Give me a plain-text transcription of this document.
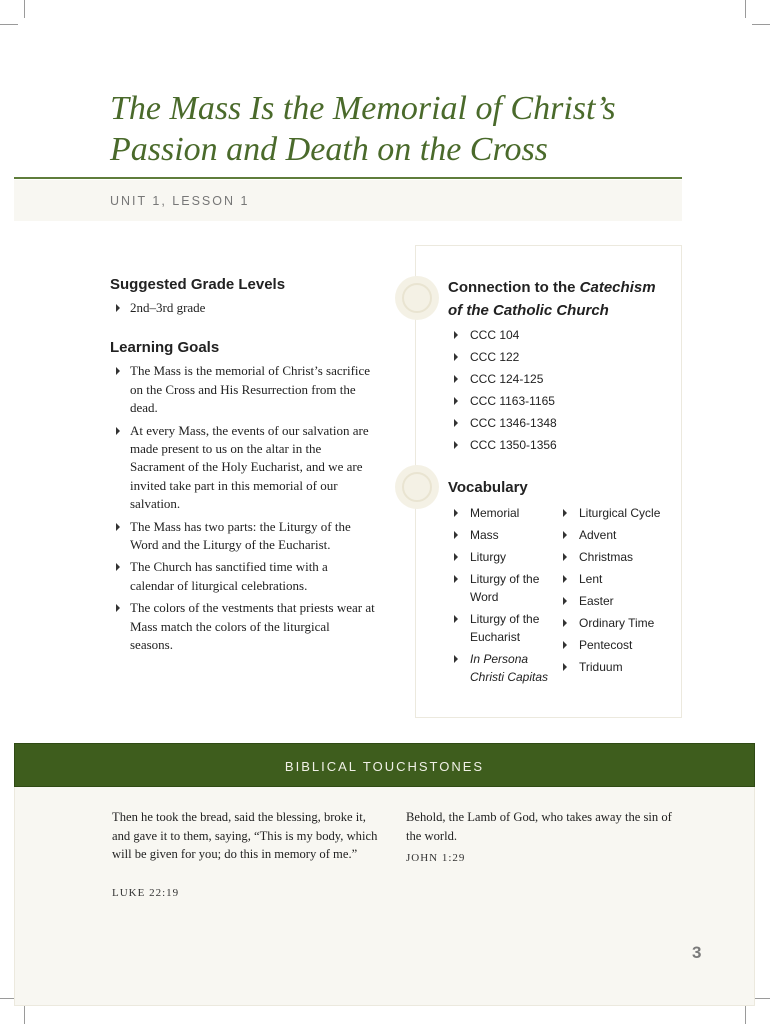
The Mass Is the Memorial of Christ’s Passion and Death on the Cross
UNIT 1, LESSON 1
Suggested Grade Levels
2nd–3rd grade
Learning Goals
The Mass is the memorial of Christ’s sacrifice on the Cross and His Resurrection from the dead.
At every Mass, the events of our salvation are made present to us on the altar in the Sacrament of the Holy Eucharist, and we are invited take part in this memorial of our salvation.
The Mass has two parts: the Liturgy of the Word and the Liturgy of the Eucharist.
The Church has sanctified time with a calendar of liturgical celebrations.
The colors of the vestments that priests wear at Mass match the colors of the liturgical seasons.
Connection to the Catechism of the Catholic Church
CCC 104
CCC 122
CCC 124-125
CCC 1163-1165
CCC 1346-1348
CCC 1350-1356
Vocabulary
Memorial
Mass
Liturgy
Liturgy of the Word
Liturgy of the Eucharist
In Persona Christi Capitas
Liturgical Cycle
Advent
Christmas
Lent
Easter
Ordinary Time
Pentecost
Triduum
BIBLICAL TOUCHSTONES

Then he took the bread, said the blessing, broke it, and gave it to them, saying, “This is my body, which will be given for you; do this in memory of me.”

LUKE 22:19

Behold, the Lamb of God, who takes away the sin of the world.

JOHN 1:29
3
